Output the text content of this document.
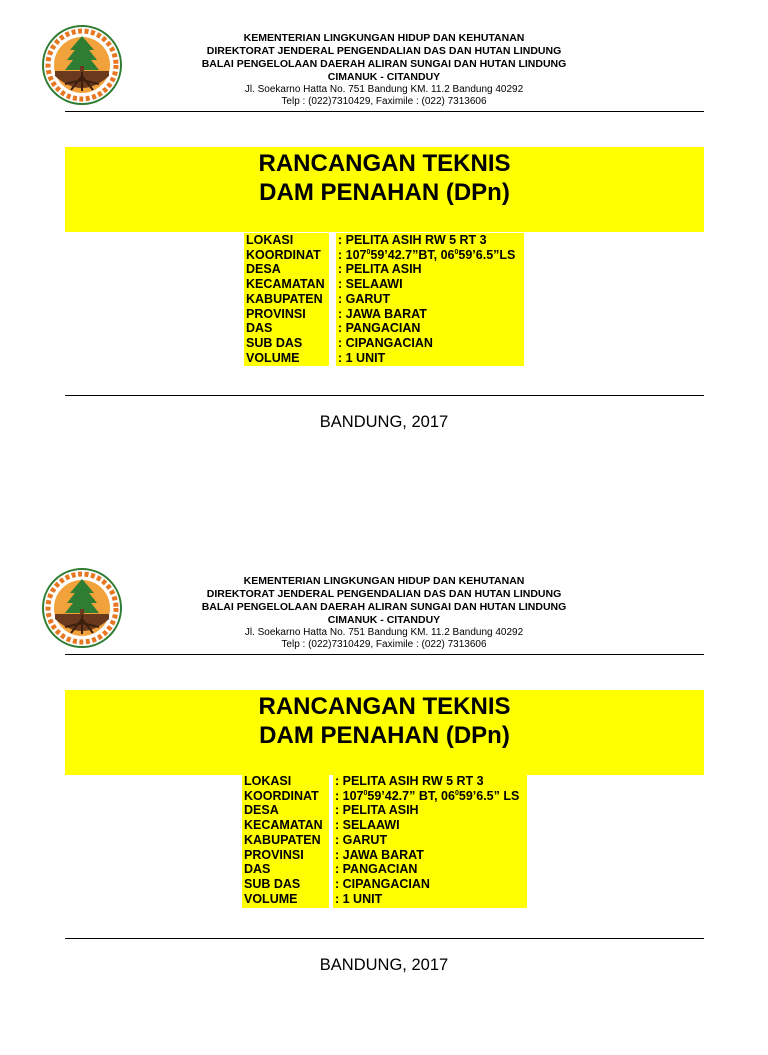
KEMENTERIAN LINGKUNGAN HIDUP DAN KEHUTANAN
DIREKTORAT JENDERAL PENGENDALIAN DAS DAN HUTAN LINDUNG
BALAI PENGELOLAAN DAERAH ALIRAN SUNGAI DAN HUTAN LINDUNG
CIMANUK - CITANDUY
Jl. Soekarno Hatta No. 751 Bandung KM. 11.2 Bandung 40292
Telp : (022)7310429, Faximile : (022) 7313606
RANCANGAN TEKNIS
DAM PENAHAN (DPn)
LOKASI
KOORDINAT
DESA
KECAMATAN
KABUPATEN
PROVINSI
DAS
SUB DAS
VOLUME
: PELITA ASIH RW 5 RT 3
: $107^059’42.7”BT$, $06^059’6.5”LS$
: PELITA ASIH
: SELAAWI
: GARUT
: JAWA BARAT
: PANGACIAN
: CIPANGACIAN
: 1 UNIT
BANDUNG, 2017
KEMENTERIAN LINGKUNGAN HIDUP DAN KEHUTANAN
DIREKTORAT JENDERAL PENGENDALIAN DAS DAN HUTAN LINDUNG
BALAI PENGELOLAAN DAERAH ALIRAN SUNGAI DAN HUTAN LINDUNG
CIMANUK - CITANDUY
Jl. Soekarno Hatta No. 751 Bandung KM. 11.2 Bandung 40292
Telp : (022)7310429, Faximile : (022) 7313606
RANCANGAN TEKNIS
DAM PENAHAN (DPn)
LOKASI
KOORDINAT
DESA
KECAMATAN
KABUPATEN
PROVINSI
DAS
SUB DAS
VOLUME
: PELITA ASIH RW 5 RT 3
: $107^059’42.7$” BT, $06^059’6.5$” LS
: PELITA ASIH
: SELAAWI
: GARUT
: JAWA BARAT
: PANGACIAN
: CIPANGACIAN
: 1 UNIT
BANDUNG, 2017
